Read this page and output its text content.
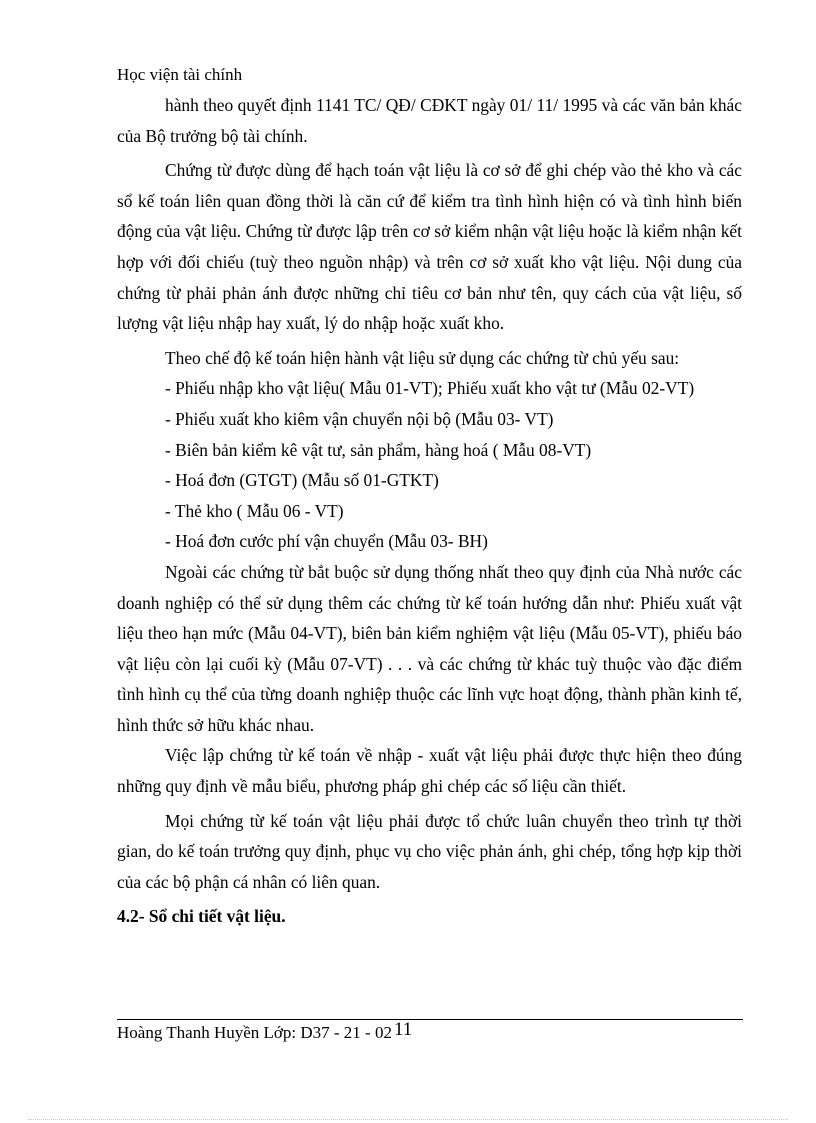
Học viện tài chính

hành theo quyết định 1141 TC/ QĐ/ CĐKT ngày 01/ 11/ 1995 và các văn bản khác của Bộ trưởng bộ tài chính.

Chứng từ được dùng để hạch toán vật liệu là cơ sở để ghi chép vào thẻ kho và các sổ kế toán liên quan đồng thời là căn cứ để kiểm tra tình hình hiện có và tình hình biến động của vật liệu. Chứng từ được lập trên cơ sở kiểm nhận vật liệu hoặc là kiểm nhận kết hợp với đối chiếu (tuỳ theo nguồn nhập) và trên cơ sở xuất kho vật liệu. Nội dung của chứng từ phải phản ánh được những chỉ tiêu cơ bản như tên, quy cách của vật liệu, số lượng vật liệu nhập hay xuất, lý do nhập hoặc xuất kho.

Theo chế độ kế toán hiện hành vật liệu sử dụng các chứng từ chủ yếu sau:

- Phiếu nhập kho vật liệu( Mẫu 01-VT); Phiếu xuất kho vật tư (Mẫu 02-VT)

- Phiếu xuất kho kiêm vận chuyển nội bộ (Mẫu 03- VT)

- Biên bản kiểm kê vật tư, sản phẩm, hàng hoá ( Mẫu 08-VT)

- Hoá đơn (GTGT) (Mẫu số 01-GTKT)

- Thẻ kho ( Mẫu 06 - VT)

- Hoá đơn cước phí vận chuyển (Mẫu 03- BH)

Ngoài các chứng từ bắt buộc sử dụng thống nhất theo quy định của Nhà nước các doanh nghiệp có thể sử dụng thêm các chứng từ kế toán hướng dẫn như: Phiếu xuất vật liệu theo hạn mức (Mẫu 04-VT), biên bản kiểm nghiệm vật liệu (Mẫu 05-VT), phiếu báo vật liệu còn lại cuối kỳ (Mẫu 07-VT) . . . và các chứng từ khác tuỳ thuộc vào đặc điểm tình hình cụ thể của từng doanh nghiệp thuộc các lĩnh vực hoạt động, thành phần kinh tế, hình thức sở hữu khác nhau.

Việc lập chứng từ kế toán về nhập - xuất vật liệu phải được thực hiện theo đúng những quy định về mẫu biểu, phương pháp ghi chép các số liệu cần thiết.

Mọi chứng từ kế toán vật liệu phải được tổ chức luân chuyển theo trình tự thời gian, do kế toán trưởng quy định, phục vụ cho việc phản ánh, ghi chép, tổng hợp kịp thời của các bộ phận cá nhân có liên quan.

4.2- Sổ chi tiết vật liệu.

Hoàng Thanh Huyền Lớp: D37 - 21 - 02 11
